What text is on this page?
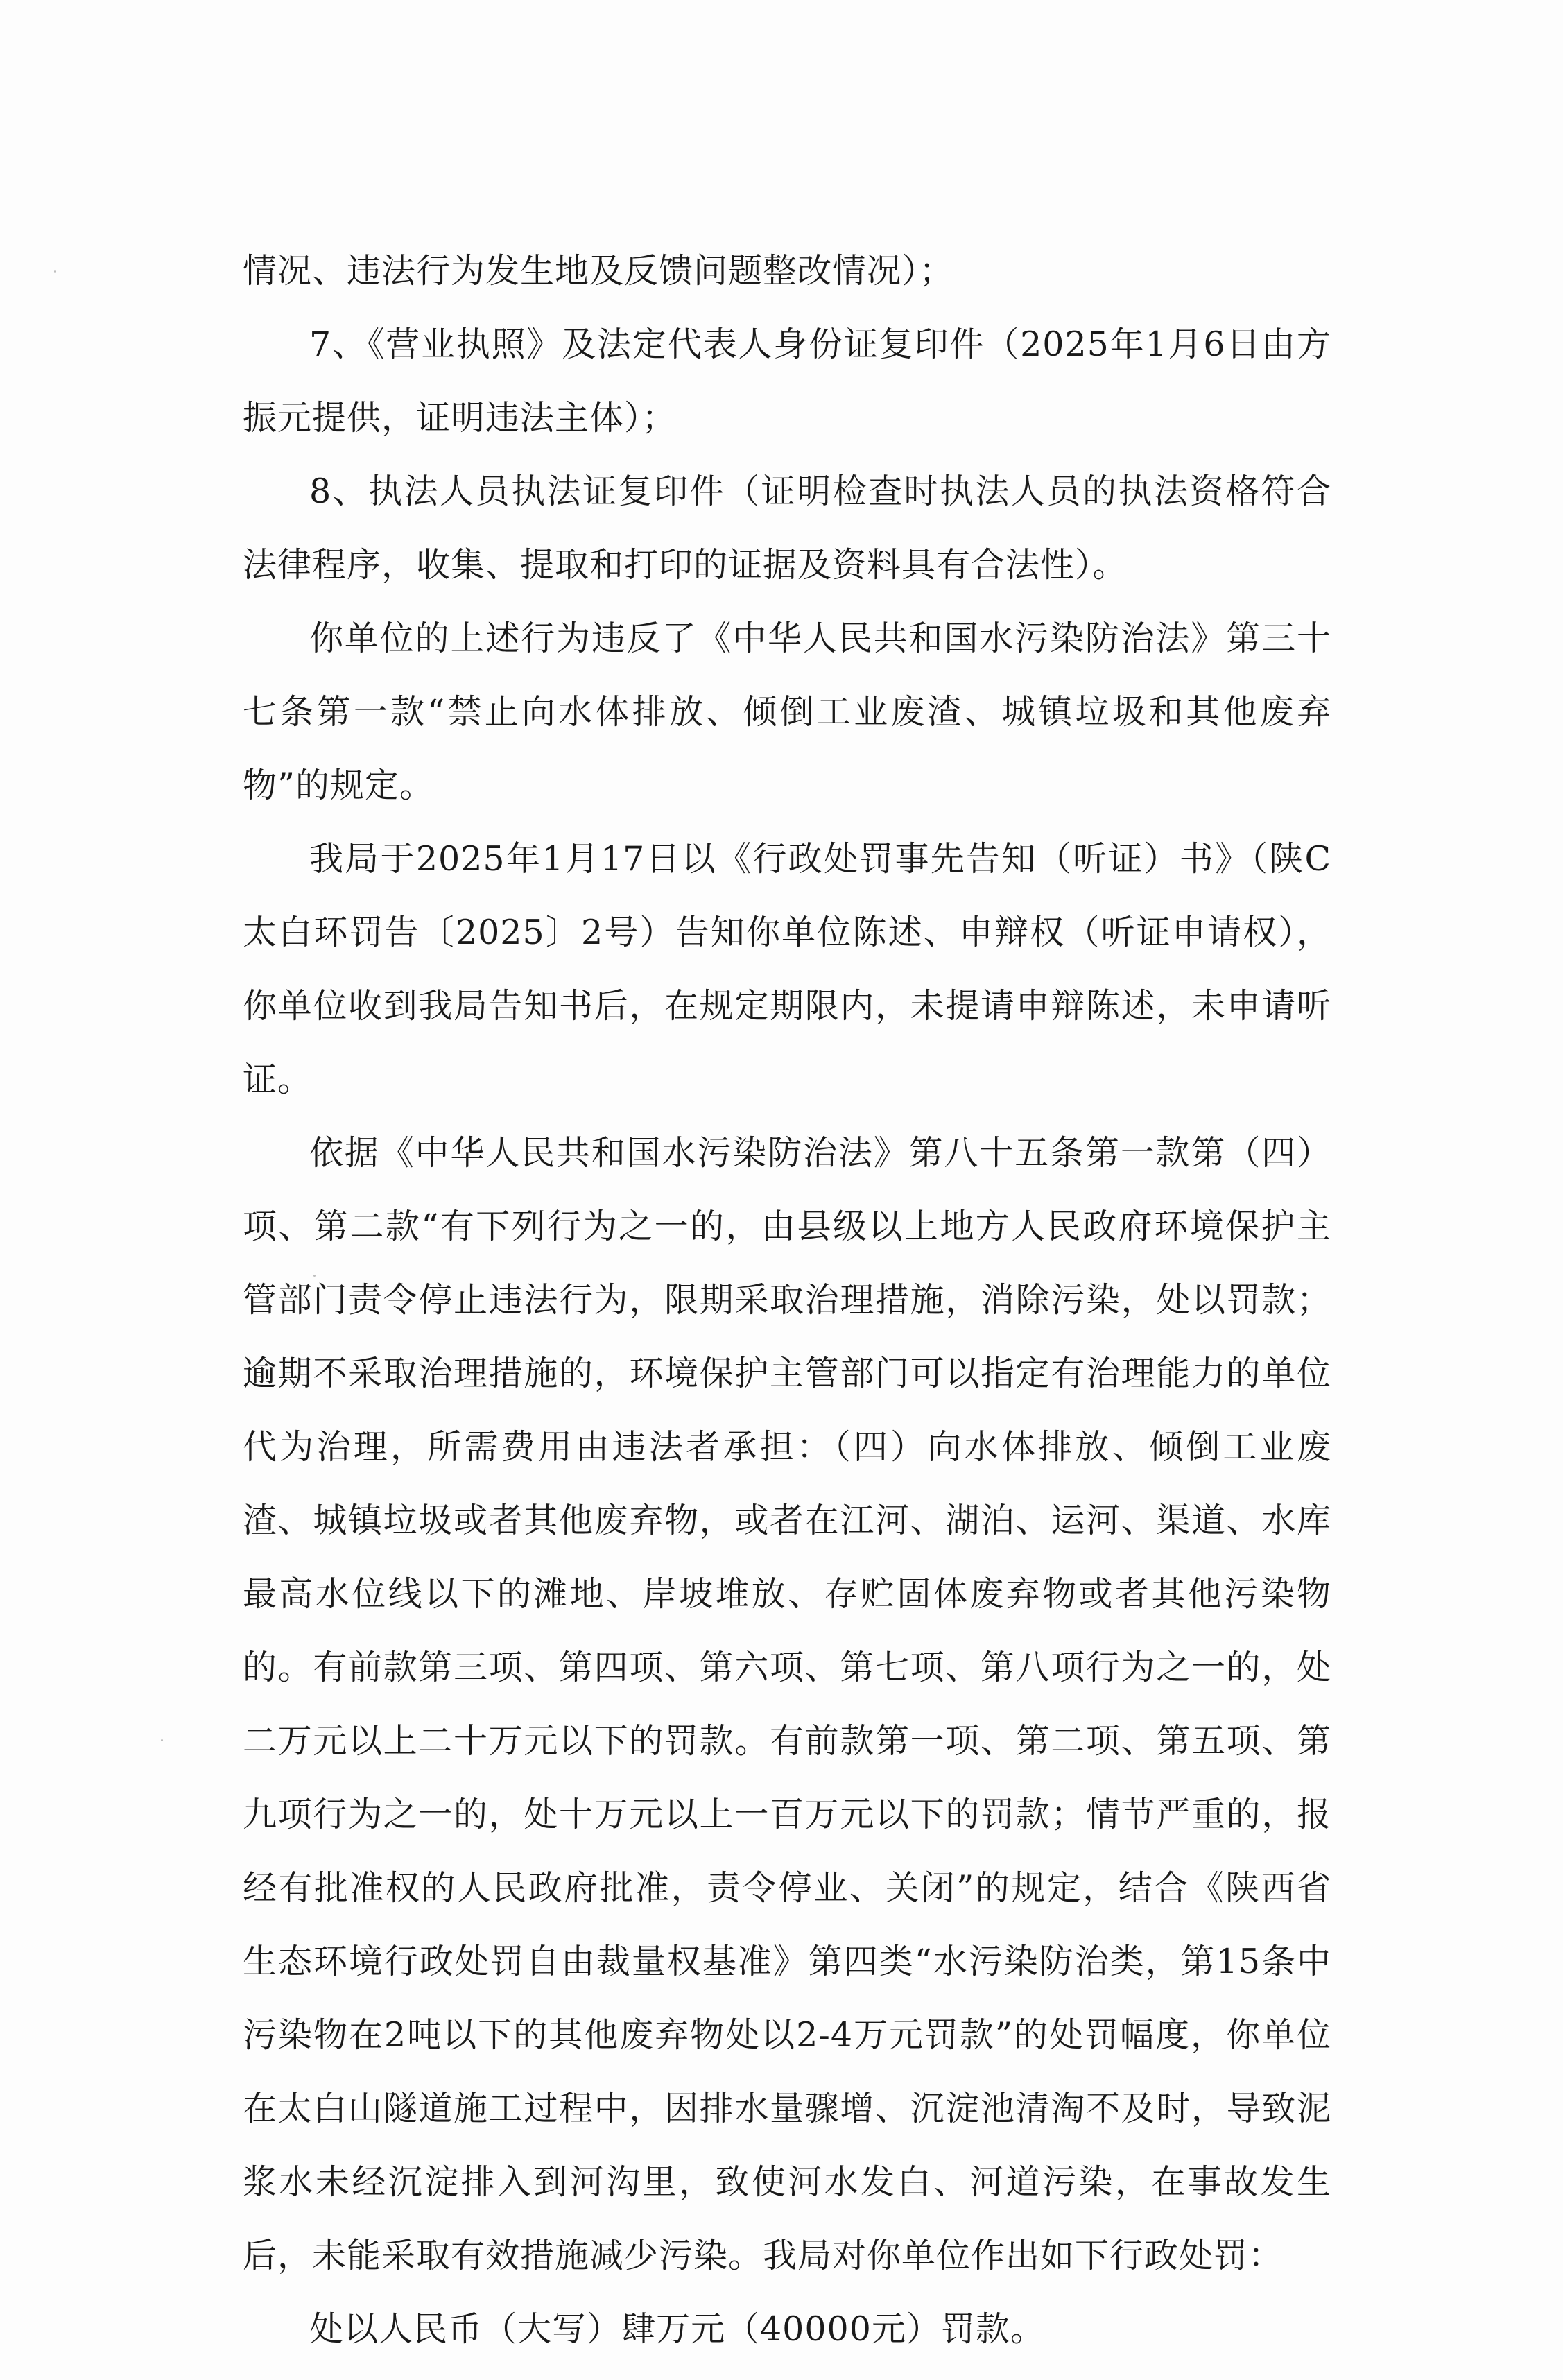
情况、违法行为发生地及反馈问题整改情况）；

7、《营业执照》及法定代表人身份证复印件（2025年1月6日由方振元提供，证明违法主体）；

8、执法人员执法证复印件（证明检查时执法人员的执法资格符合法律程序，收集、提取和打印的证据及资料具有合法性）。

你单位的上述行为违反了《中华人民共和国水污染防治法》第三十七条第一款“禁止向水体排放、倾倒工业废渣、城镇垃圾和其他废弃物”的规定。

我局于2025年1月17日以《行政处罚事先告知（听证）书》（陕C太白环罚告〔2025〕2号）告知你单位陈述、申辩权（听证申请权），你单位收到我局告知书后，在规定期限内，未提请申辩陈述，未申请听证。

依据《中华人民共和国水污染防治法》第八十五条第一款第（四）项、第二款“有下列行为之一的，由县级以上地方人民政府环境保护主管部门责令停止违法行为，限期采取治理措施，消除污染，处以罚款；逾期不采取治理措施的，环境保护主管部门可以指定有治理能力的单位代为治理，所需费用由违法者承担：（四）向水体排放、倾倒工业废渣、城镇垃圾或者其他废弃物，或者在江河、湖泊、运河、渠道、水库最高水位线以下的滩地、岸坡堆放、存贮固体废弃物或者其他污染物的。有前款第三项、第四项、第六项、第七项、第八项行为之一的，处二万元以上二十万元以下的罚款。有前款第一项、第二项、第五项、第九项行为之一的，处十万元以上一百万元以下的罚款；情节严重的，报经有批准权的人民政府批准，责令停业、关闭”的规定，结合《陕西省生态环境行政处罚自由裁量权基准》第四类“水污染防治类，第15条中污染物在2吨以下的其他废弃物处以2-4万元罚款”的处罚幅度，你单位在太白山隧道施工过程中，因排水量骤增、沉淀池清淘不及时，导致泥浆水未经沉淀排入到河沟里，致使河水发白、河道污染，在事故发生后，未能采取有效措施减少污染。我局对你单位作出如下行政处罚：

处以人民币（大写）肆万元（40000元）罚款。
